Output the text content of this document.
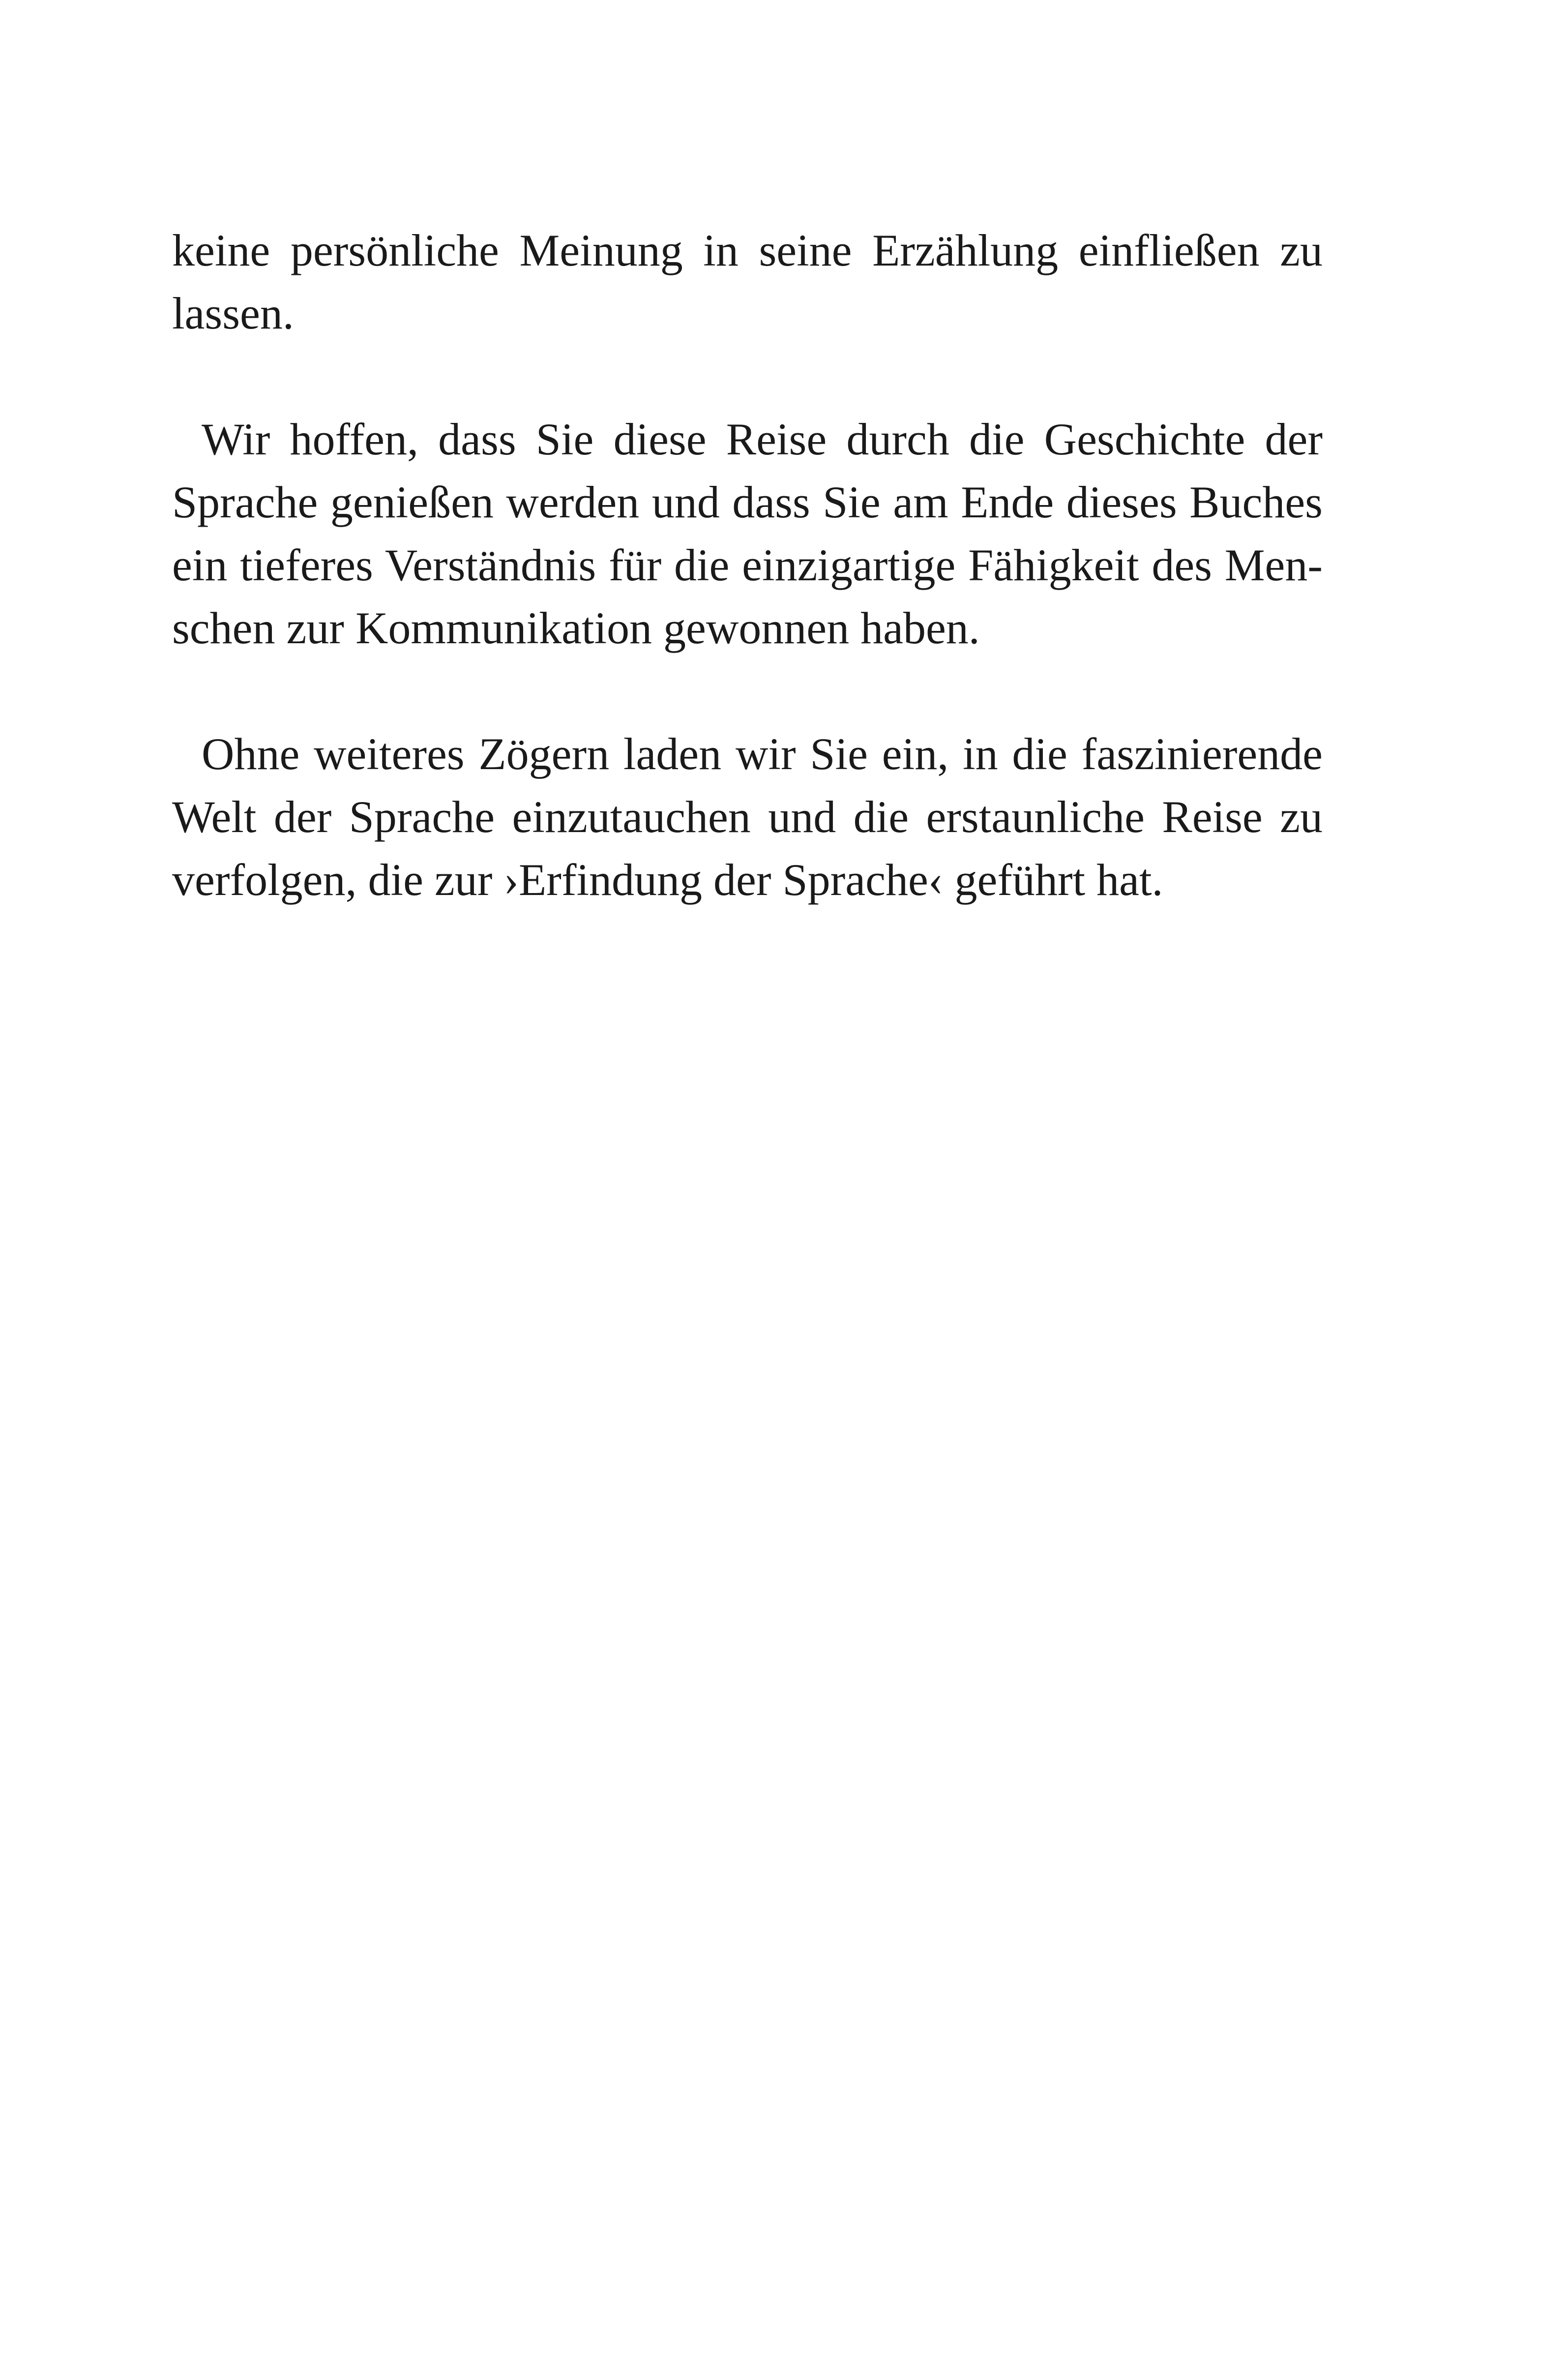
keine persönliche Meinung in seine Erzählung einfließen zu
lassen.
Wir hoffen, dass Sie diese Reise durch die Geschichte der
Sprache genießen werden und dass Sie am Ende dieses Buches
ein tieferes Verständnis für die einzigartige Fähigkeit des Men-
schen zur Kommunikation gewonnen haben.
Ohne weiteres Zögern laden wir Sie ein, in die faszinierende
Welt der Sprache einzutauchen und die erstaunliche Reise zu
verfolgen, die zur ›Erfindung der Sprache‹ geführt hat.
